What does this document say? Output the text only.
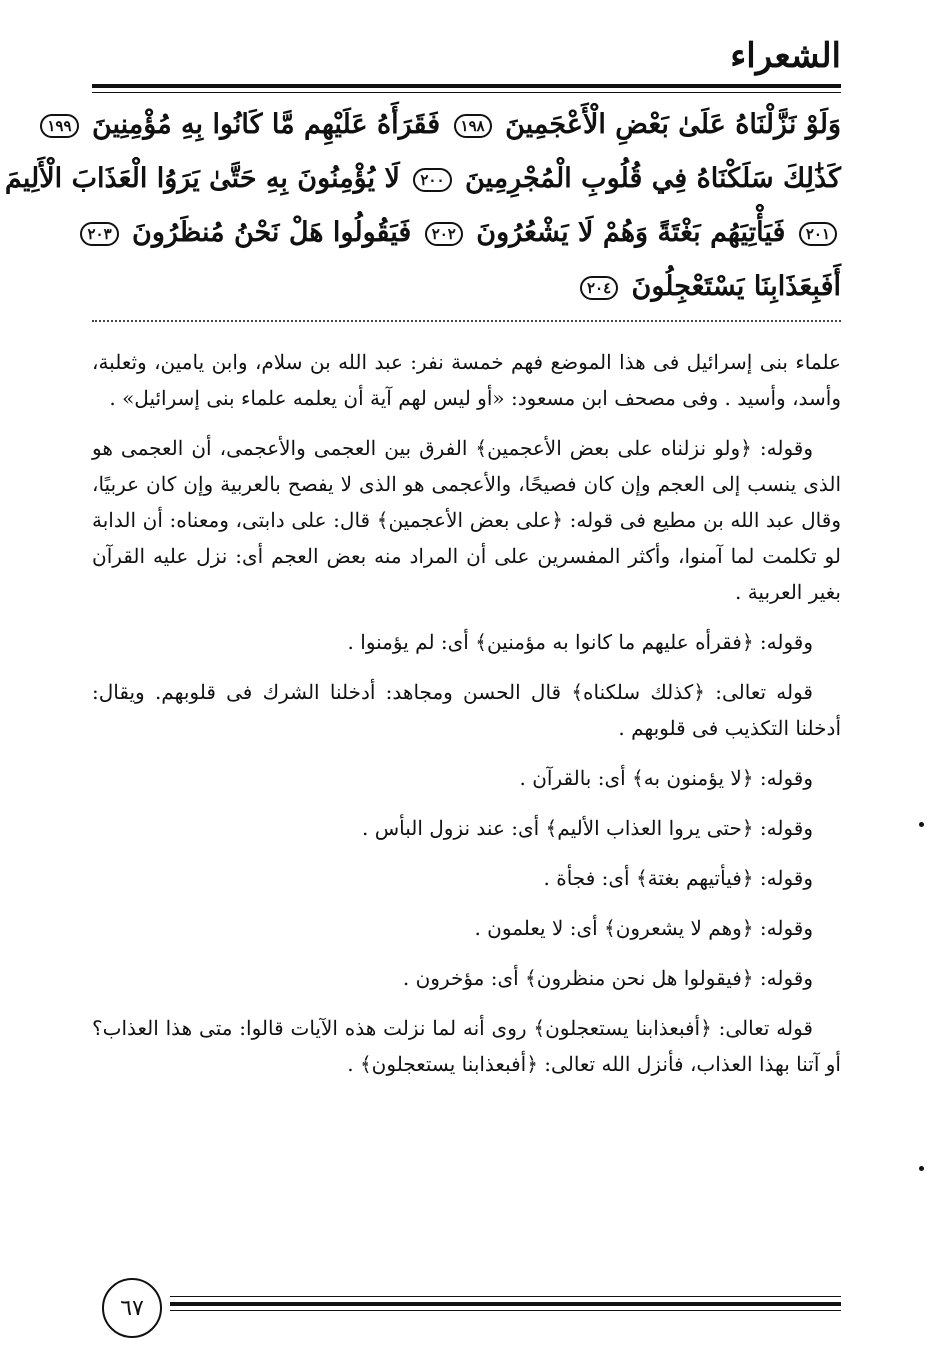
الشعراء
وَلَوْ نَزَّلْنَاهُ عَلَىٰ بَعْضِ الْأَعْجَمِينَ ١٩٨ فَقَرَأَهُ عَلَيْهِم مَّا كَانُوا بِهِ مُؤْمِنِينَ ١٩٩
كَذَٰلِكَ سَلَكْنَاهُ فِي قُلُوبِ الْمُجْرِمِينَ ٢٠٠ لَا يُؤْمِنُونَ بِهِ حَتَّىٰ يَرَوُا الْعَذَابَ الْأَلِيمَ
٢٠١ فَيَأْتِيَهُم بَغْتَةً وَهُمْ لَا يَشْعُرُونَ ٢٠٢ فَيَقُولُوا هَلْ نَحْنُ مُنظَرُونَ ٢٠٣
أَفَبِعَذَابِنَا يَسْتَعْجِلُونَ ٢٠٤

علماء بنى إسرائيل فى هذا الموضع فهم خمسة نفر: عبد الله بن سلام، وابن يامين، وثعلبة، وأسد، وأسيد . وفى مصحف ابن مسعود: «أو ليس لهم آية أن يعلمه علماء بنى إسرائيل» .

وقوله: ﴿ولو نزلناه على بعض الأعجمين﴾ الفرق بين العجمى والأعجمى، أن العجمى هو الذى ينسب إلى العجم وإن كان فصيحًا، والأعجمى هو الذى لا يفصح بالعربية وإن كان عربيًا، وقال عبد الله بن مطيع فى قوله: ﴿على بعض الأعجمين﴾ قال: على دابتى، ومعناه: أن الدابة لو تكلمت لما آمنوا، وأكثر المفسرين على أن المراد منه بعض العجم أى: نزل عليه القرآن بغير العربية .

وقوله: ﴿فقرأه عليهم ما كانوا به مؤمنين﴾ أى: لم يؤمنوا .

قوله تعالى: ﴿كذلك سلكناه﴾ قال الحسن ومجاهد: أدخلنا الشرك فى قلوبهم. ويقال: أدخلنا التكذيب فى قلوبهم .

وقوله: ﴿لا يؤمنون به﴾ أى: بالقرآن .

وقوله: ﴿حتى يروا العذاب الأليم﴾ أى: عند نزول البأس .

وقوله: ﴿فيأتيهم بغتة﴾ أى: فجأة .

وقوله: ﴿وهم لا يشعرون﴾ أى: لا يعلمون .

وقوله: ﴿فيقولوا هل نحن منظرون﴾ أى: مؤخرون .

قوله تعالى: ﴿أفبعذابنا يستعجلون﴾ روى أنه لما نزلت هذه الآيات قالوا: متى هذا العذاب؟ أو آتنا بهذا العذاب، فأنزل الله تعالى: ﴿أفبعذابنا يستعجلون﴾ .

٦٧
